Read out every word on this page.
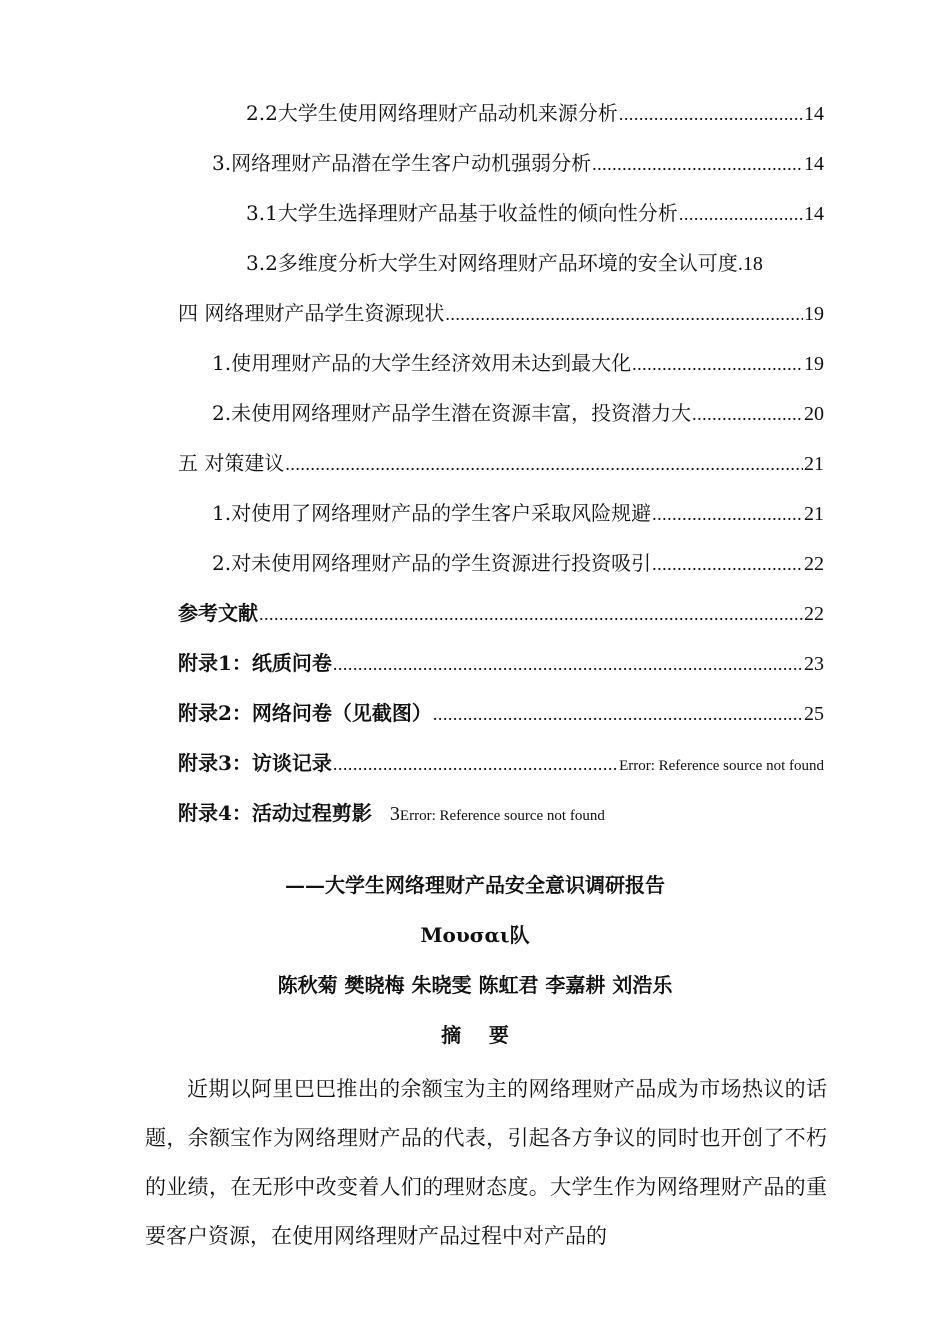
2.2大学生使用网络理财产品动机来源分析 .....	14
3.网络理财产品潜在学生客户动机强弱分析 .....	14
3.1大学生选择理财产品基于收益性的倾向性分析 .....	14
3.2多维度分析大学生对网络理财产品环境的安全认可度 .18
四 网络理财产品学生资源现状 .....	19
1.使用理财产品的大学生经济效用未达到最大化 .....	19
2.未使用网络理财产品学生潜在资源丰富，投资潜力大 .....	20
五 对策建议 .....	21
1.对使用了网络理财产品的学生客户采取风险规避 .....	21
2.对未使用网络理财产品的学生资源进行投资吸引 .....	22
参考文献 .....	22
附录1：纸质问卷 .....	23
附录2：网络问卷（见截图） .....	25
附录3：访谈记录 .....	Error: Reference source not found
附录4：活动过程剪影 3Error: Reference source not found
——大学生网络理财产品安全意识调研报告
Μουσαι队
陈秋菊 樊晓梅 朱晓雯 陈虹君 李嘉耕 刘浩乐
摘    要

近期以阿里巴巴推出的余额宝为主的网络理财产品成为市场热议的话题，余额宝作为网络理财产品的代表，引起各方争议的同时也开创了不朽的业绩，在无形中改变着人们的理财态度。大学生作为网络理财产品的重要客户资源，在使用网络理财产品过程中对产品的
